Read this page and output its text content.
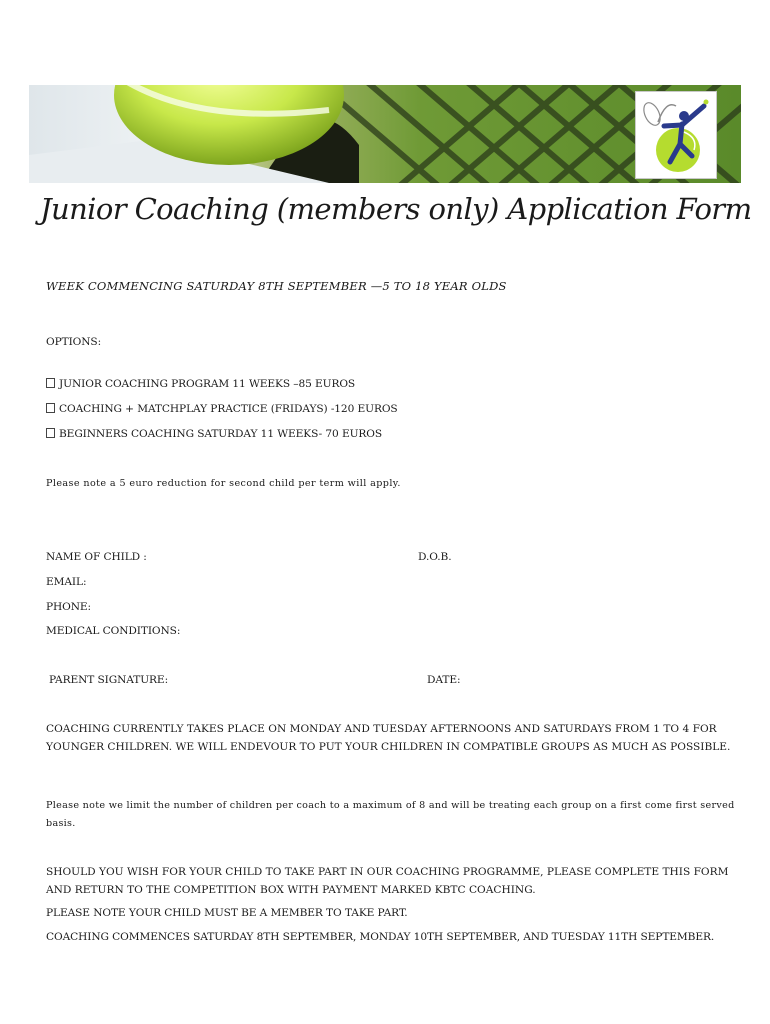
Junior Coaching (members only) Application Form
WEEK COMMENCING SATURDAY 8TH SEPTEMBER —5 TO 18 YEAR OLDS
OPTIONS:
JUNIOR COACHING PROGRAM 11 WEEKS –85 EUROS
COACHING + MATCHPLAY PRACTICE (FRIDAYS) -120 EUROS
BEGINNERS COACHING SATURDAY 11 WEEKS- 70 EUROS
Please note a 5 euro reduction for second child per term will apply.
NAME OF CHILD :	D.O.B.
EMAIL:
PHONE:
MEDICAL CONDITIONS:
PARENT SIGNATURE:	DATE:
COACHING CURRENTLY TAKES PLACE ON MONDAY AND TUESDAY AFTERNOONS AND SATURDAYS FROM 1 TO 4 FOR YOUNGER CHILDREN. WE WILL ENDEVOUR TO PUT YOUR CHILDREN IN COMPATIBLE GROUPS AS MUCH AS POSSIBLE.
Please note we limit the number of children per coach to a maximum of 8 and will be treating each group on a first come first served basis.
SHOULD YOU WISH FOR YOUR CHILD TO TAKE PART IN OUR COACHING PROGRAMME, PLEASE COMPLETE THIS FORM AND RETURN TO THE COMPETITION BOX WITH PAYMENT MARKED KBTC COACHING.
PLEASE NOTE YOUR CHILD MUST BE A MEMBER TO TAKE PART.
COACHING COMMENCES SATURDAY 8TH SEPTEMBER, MONDAY 10TH SEPTEMBER, AND TUESDAY 11TH SEPTEMBER.
